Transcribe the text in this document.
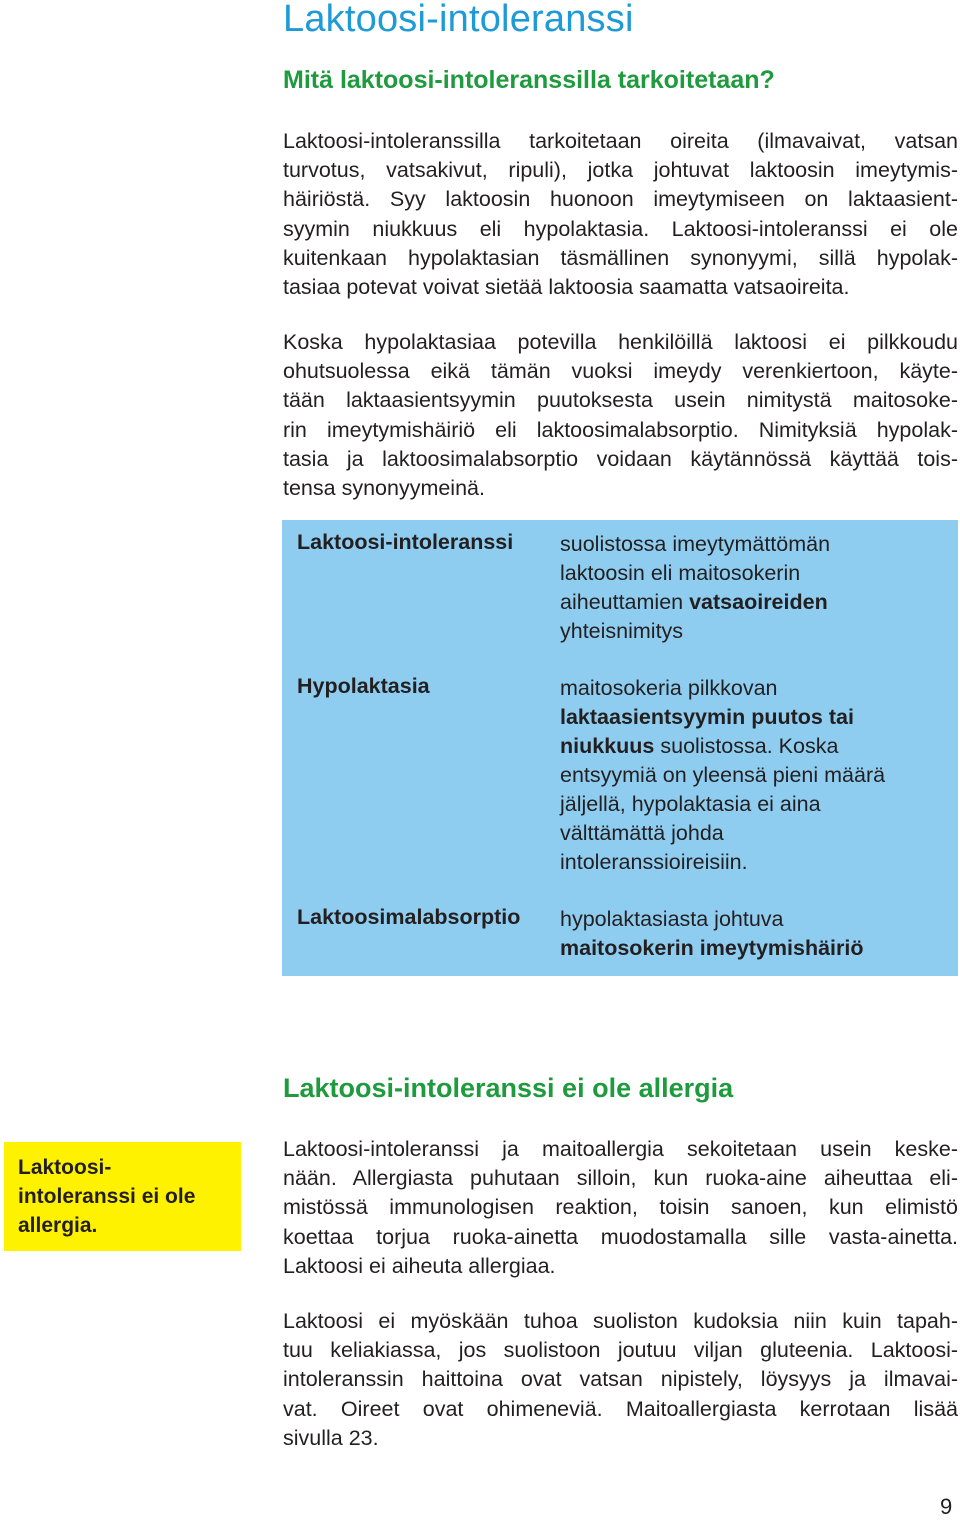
Laktoosi-intoleranssi
Mitä laktoosi-intoleranssilla tarkoitetaan?
Laktoosi-intoleranssilla tarkoitetaan oireita (ilmavaivat, vatsan
turvotus, vatsakivut, ripuli), jotka johtuvat laktoosin imeytymis-
häiriöstä. Syy laktoosin huonoon imeytymiseen on laktaasient-
syymin niukkuus eli hypolaktasia. Laktoosi-intoleranssi ei ole
kuitenkaan hypolaktasian täsmällinen synonyymi, sillä hypolak-
tasiaa potevat voivat sietää laktoosia saamatta vatsaoireita.
Koska hypolaktasiaa potevilla henkilöillä laktoosi ei pilkkoudu
ohutsuolessa eikä tämän vuoksi imeydy verenkiertoon, käyte-
tään laktaasientsyymin puutoksesta usein nimitystä maitosoke-
rin imeytymishäiriö eli laktoosimalabsorptio. Nimityksiä hypolak-
tasia ja laktoosimalabsorptio voidaan käytännössä käyttää tois-
tensa synonyymeinä.
Laktoosi-intoleranssi suolistossa imeytymättömän
laktoosin eli maitosokerin
aiheuttamien vatsaoireiden
yhteisnimitys
Hypolaktasia	maitosokeria pilkkovan
laktaasientsyymin puutos tai
niukkuus suolistossa. Koska
entsyymiä on yleensä pieni määrä
jäljellä, hypolaktasia ei aina
välttämättä johda
intoleranssioireisiin.
Laktoosimalabsorptio hypolaktasiasta johtuva
maitosokerin imeytymishäiriö
Laktoosi-intoleranssi ei ole allergia
Laktoosi-
intoleranssi ei ole
allergia.
Laktoosi-intoleranssi ja maitoallergia sekoitetaan usein keske-
nään. Allergiasta puhutaan silloin, kun ruoka-aine aiheuttaa eli-
mistössä immunologisen reaktion, toisin sanoen, kun elimistö
koettaa torjua ruoka-ainetta muodostamalla sille vasta-ainetta.
Laktoosi ei aiheuta allergiaa.
Laktoosi ei myöskään tuhoa suoliston kudoksia niin kuin tapah-
tuu keliakiassa, jos suolistoon joutuu viljan gluteenia. Laktoosi-
intoleranssin haittoina ovat vatsan nipistely, löysyys ja ilmavai-
vat. Oireet ovat ohimeneviä. Maitoallergiasta kerrotaan lisää
sivulla 23.
9
